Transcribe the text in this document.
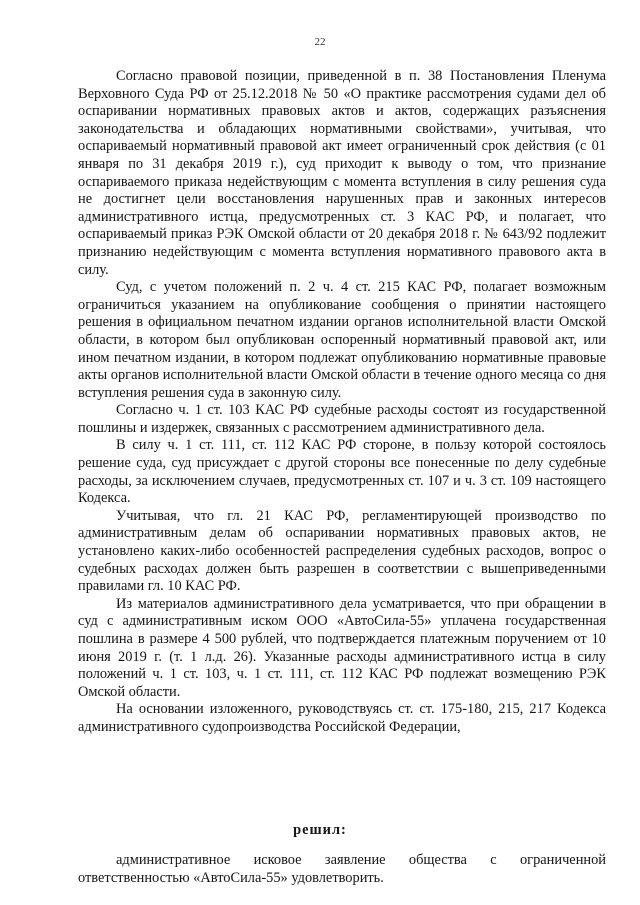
22

Согласно правовой позиции, приведенной в п. 38 Постановления Пленума Верховного Суда РФ от 25.12.2018 № 50 «О практике рассмотрения судами дел об оспаривании нормативных правовых актов и актов, содержащих разъяснения законодательства и обладающих нормативными свойствами», учитывая, что оспариваемый нормативный правовой акт имеет ограниченный срок действия (с 01 января по 31 декабря 2019 г.), суд приходит к выводу о том, что признание оспариваемого приказа недействующим с момента вступления в силу решения суда не достигнет цели восстановления нарушенных прав и законных интересов административного истца, предусмотренных ст. 3 КАС РФ, и полагает, что оспариваемый приказ РЭК Омской области от 20 декабря 2018 г. № 643/92 подлежит признанию недействующим с момента вступления нормативного правового акта в силу.

Суд, с учетом положений п. 2 ч. 4 ст. 215 КАС РФ, полагает возможным ограничиться указанием на опубликование сообщения о принятии настоящего решения в официальном печатном издании органов исполнительной власти Омской области, в котором был опубликован оспоренный нормативный правовой акт, или ином печатном издании, в котором подлежат опубликованию нормативные правовые акты органов исполнительной власти Омской области в течение одного месяца со дня вступления решения суда в законную силу.

Согласно ч. 1 ст. 103 КАС РФ судебные расходы состоят из государственной пошлины и издержек, связанных с рассмотрением административного дела.

В силу ч. 1 ст. 111, ст. 112 КАС РФ стороне, в пользу которой состоялось решение суда, суд присуждает с другой стороны все понесенные по делу судебные расходы, за исключением случаев, предусмотренных ст. 107 и ч. 3 ст. 109 настоящего Кодекса.

Учитывая, что гл. 21 КАС РФ, регламентирующей производство по административным делам об оспаривании нормативных правовых актов, не установлено каких-либо особенностей распределения судебных расходов, вопрос о судебных расходах должен быть разрешен в соответствии с вышеприведенными правилами гл. 10 КАС РФ.

Из материалов административного дела усматривается, что при обращении в суд с административным иском ООО «АвтоСила-55» уплачена государственная пошлина в размере 4 500 рублей, что подтверждается платежным поручением от 10 июня 2019 г. (т. 1 л.д. 26). Указанные расходы административного истца в силу положений ч. 1 ст. 103, ч. 1 ст. 111, ст. 112 КАС РФ подлежат возмещению РЭК Омской области.

На основании изложенного, руководствуясь ст. ст. 175-180, 215, 217 Кодекса административного судопроизводства Российской Федерации,

решил:

административное исковое заявление общества с ограниченной ответственностью «АвтоСила-55» удовлетворить.
